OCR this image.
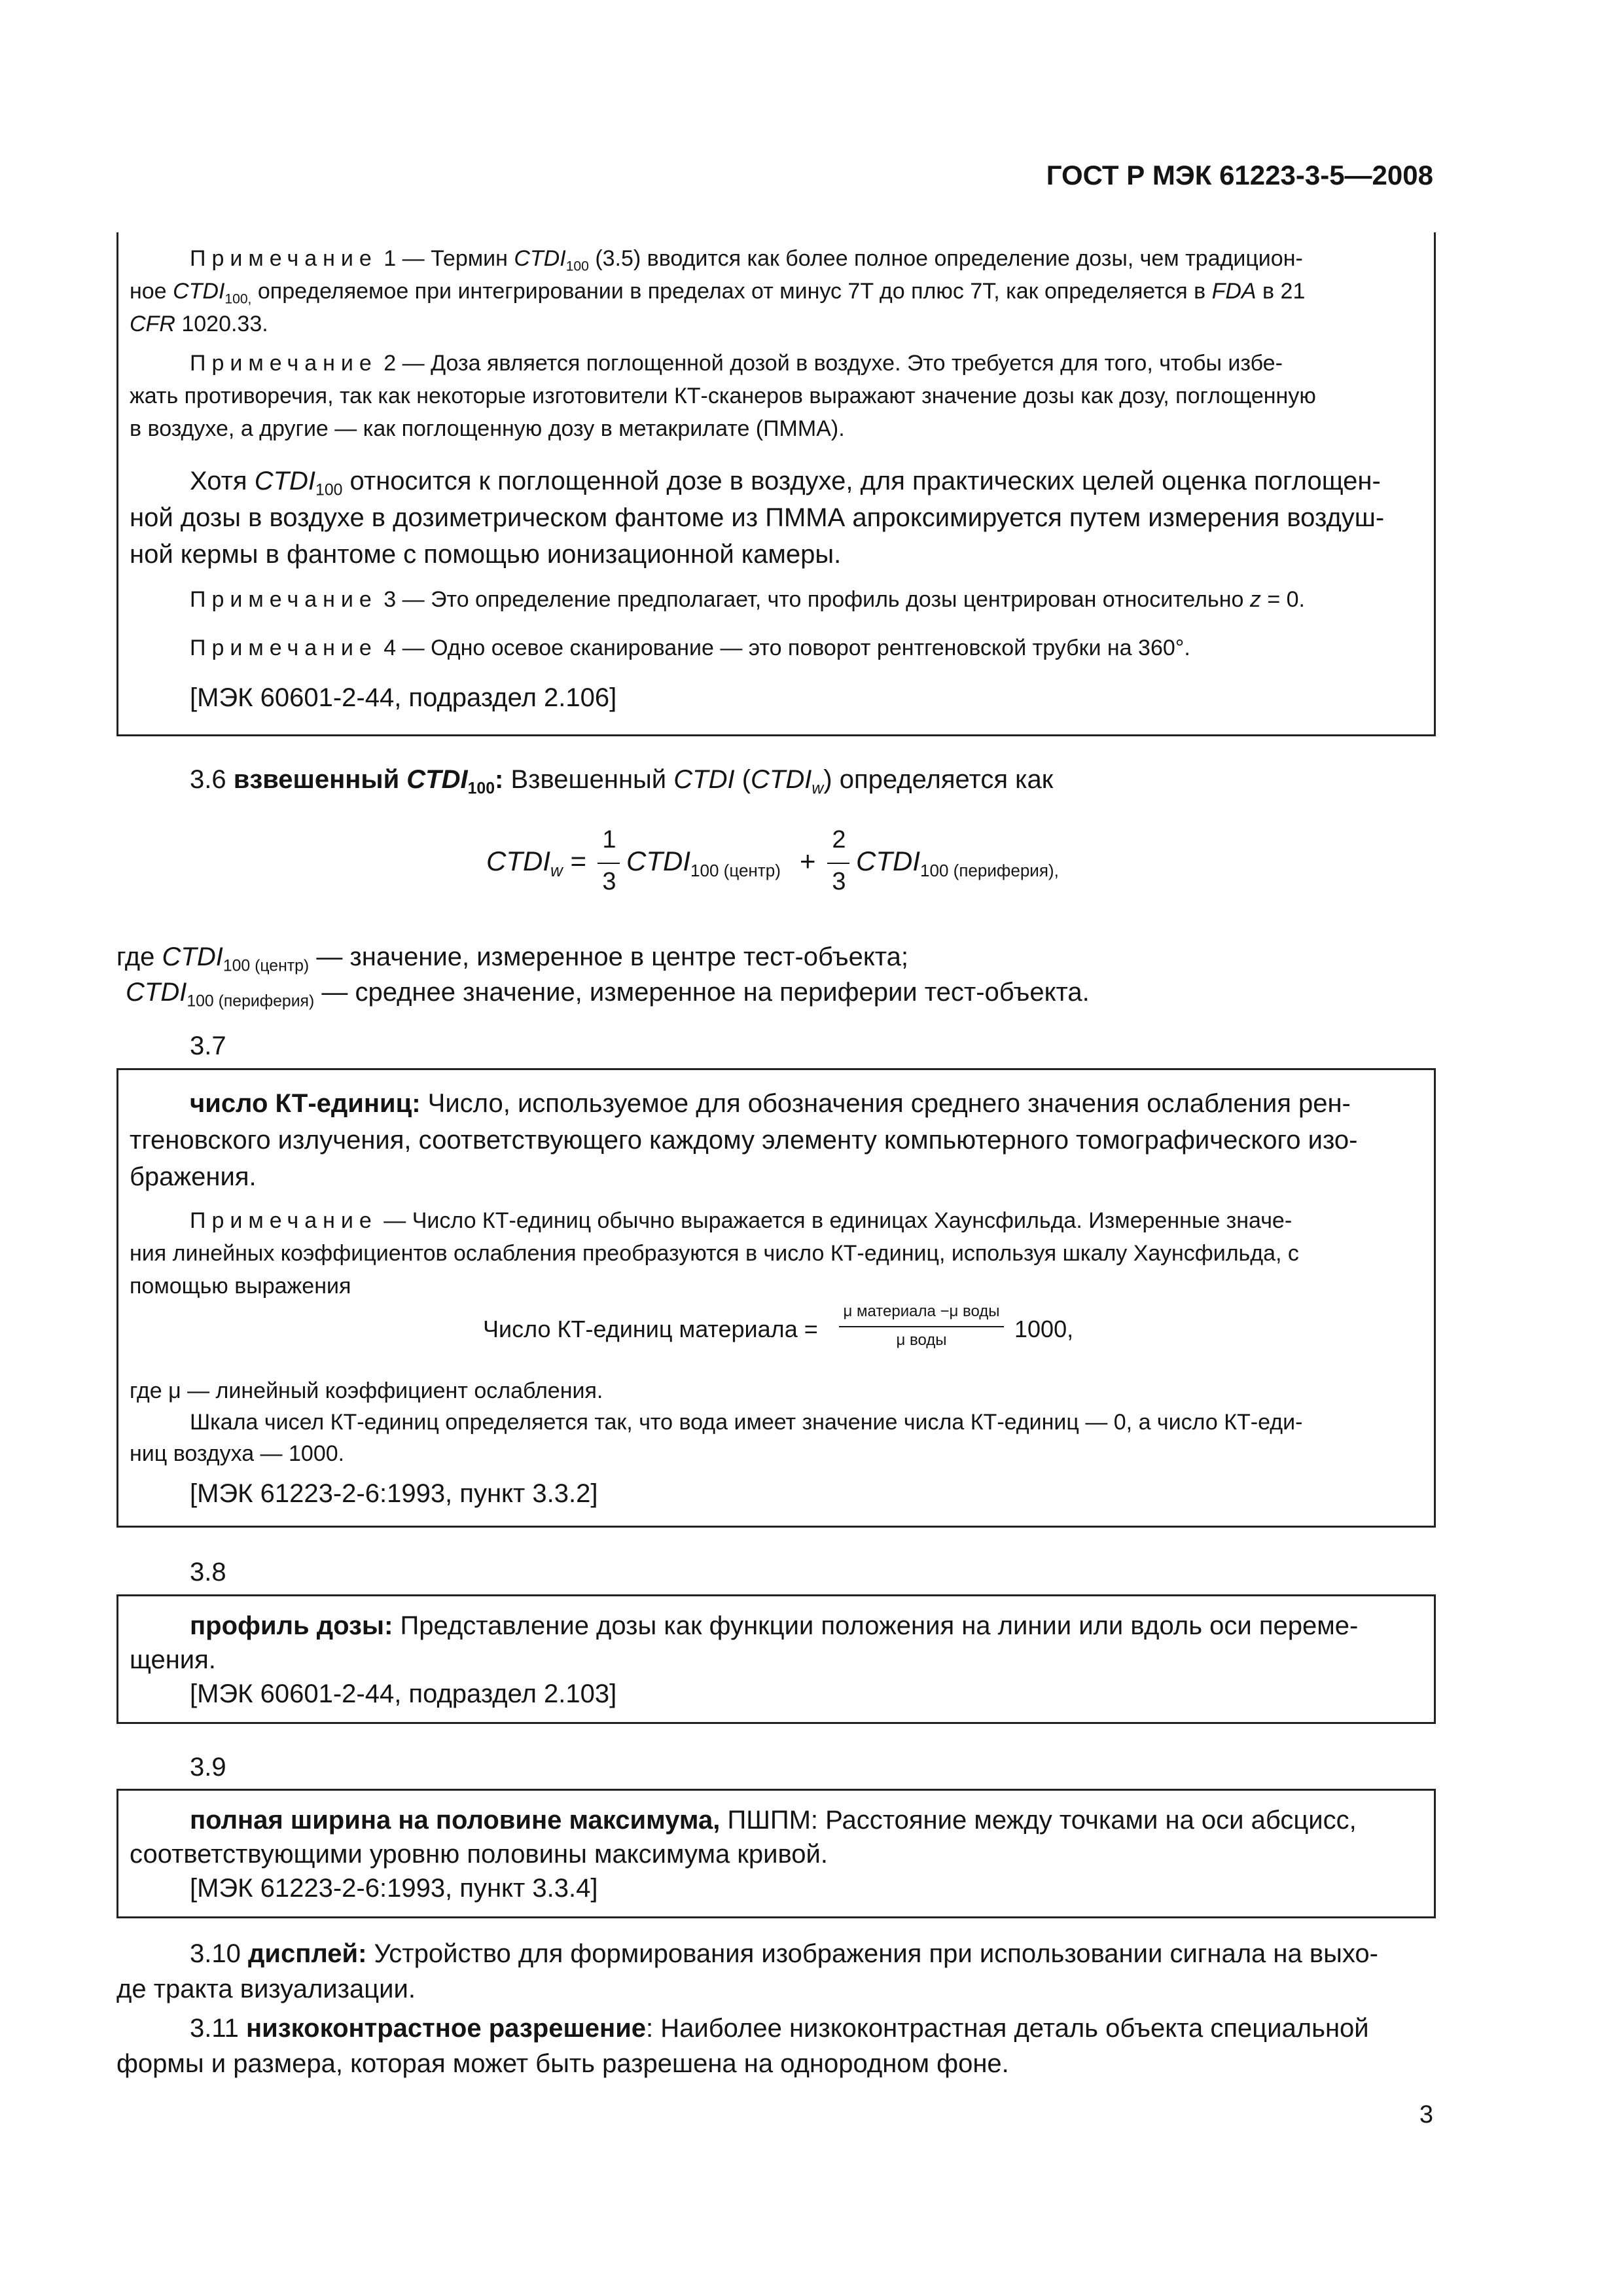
ГОСТ Р МЭК 61223-3-5—2008

Примечание 1 — Термин $CTDI_{100}$ (3.5) вводится как более полное определение дозы, чем традицион-

ное $CTDI_{100,}$ определяемое при интегрировании в пределах от минус 7T до плюс 7T, как определяется в FDA в 21

CFR 1020.33.

Примечание 2 — Доза является поглощенной дозой в воздухе. Это требуется для того, чтобы избе-

жать противоречия, так как некоторые изготовители КТ-сканеров выражают значение дозы как дозу, поглощенную

в воздухе, а другие — как поглощенную дозу в метакрилате (ПММА).

Хотя $CTDI_{100}$ относится к поглощенной дозе в воздухе, для практических целей оценка поглощен-

ной дозы в воздухе в дозиметрическом фантоме из ПММА апроксимируется путем измерения воздуш-

ной кермы в фантоме с помощью ионизационной камеры.

Примечание 3 — Это определение предполагает, что профиль дозы центрирован относительно z = 0.

Примечание 4 — Одно осевое сканирование — это поворот рентгеновской трубки на 360°.

[МЭК 60601-2-44, подраздел 2.106]

3.6 взвешенный $CTDI_{100}$: Взвешенный CTDI $(CTDI_w)$ определяется как

$CTDI_w$ =
1
3
$CTDI_{100 (центр)}$ +
2
3
$CTDI_{100 (периферия),}$

где $CTDI_{100 (центр)}$ — значение, измеренное в центре тест-объекта;

$CTDI_{100 (периферия)}$ — среднее значение, измеренное на периферии тест-объекта.

3.7

число КТ-единиц: Число, используемое для обозначения среднего значения ослабления рен-

тгеновского излучения, соответствующего каждому элементу компьютерного томографического изо-

бражения.

Примечание — Число КТ-единиц обычно выражается в единицах Хаунсфильда. Измеренные значе-

ния линейных коэффициентов ослабления преобразуются в число КТ-единиц, используя шкалу Хаунсфильда, с

помощью выражения

Число КТ-единиц материала =
μ материала −μ воды
μ воды	1000,

где μ — линейный коэффициент ослабления.

Шкала чисел КТ-единиц определяется так, что вода имеет значение числа КТ-единиц — 0, а число КТ-еди-

ниц воздуха — 1000.

[МЭК 61223-2-6:1993, пункт 3.3.2]

3.8

профиль дозы: Представление дозы как функции положения на линии или вдоль оси переме-

щения.

[МЭК 60601-2-44, подраздел 2.103]

3.9

полная ширина на половине максимума, ПШПМ: Расстояние между точками на оси абсцисс,

соответствующими уровню половины максимума кривой.

[МЭК 61223-2-6:1993, пункт 3.3.4]

3.10 дисплей: Устройство для формирования изображения при использовании сигнала на выхо-

де тракта визуализации.

3.11 низкоконтрастное разрешение: Наиболее низкоконтрастная деталь объекта специальной

формы и размера, которая может быть разрешена на однородном фоне.

3
